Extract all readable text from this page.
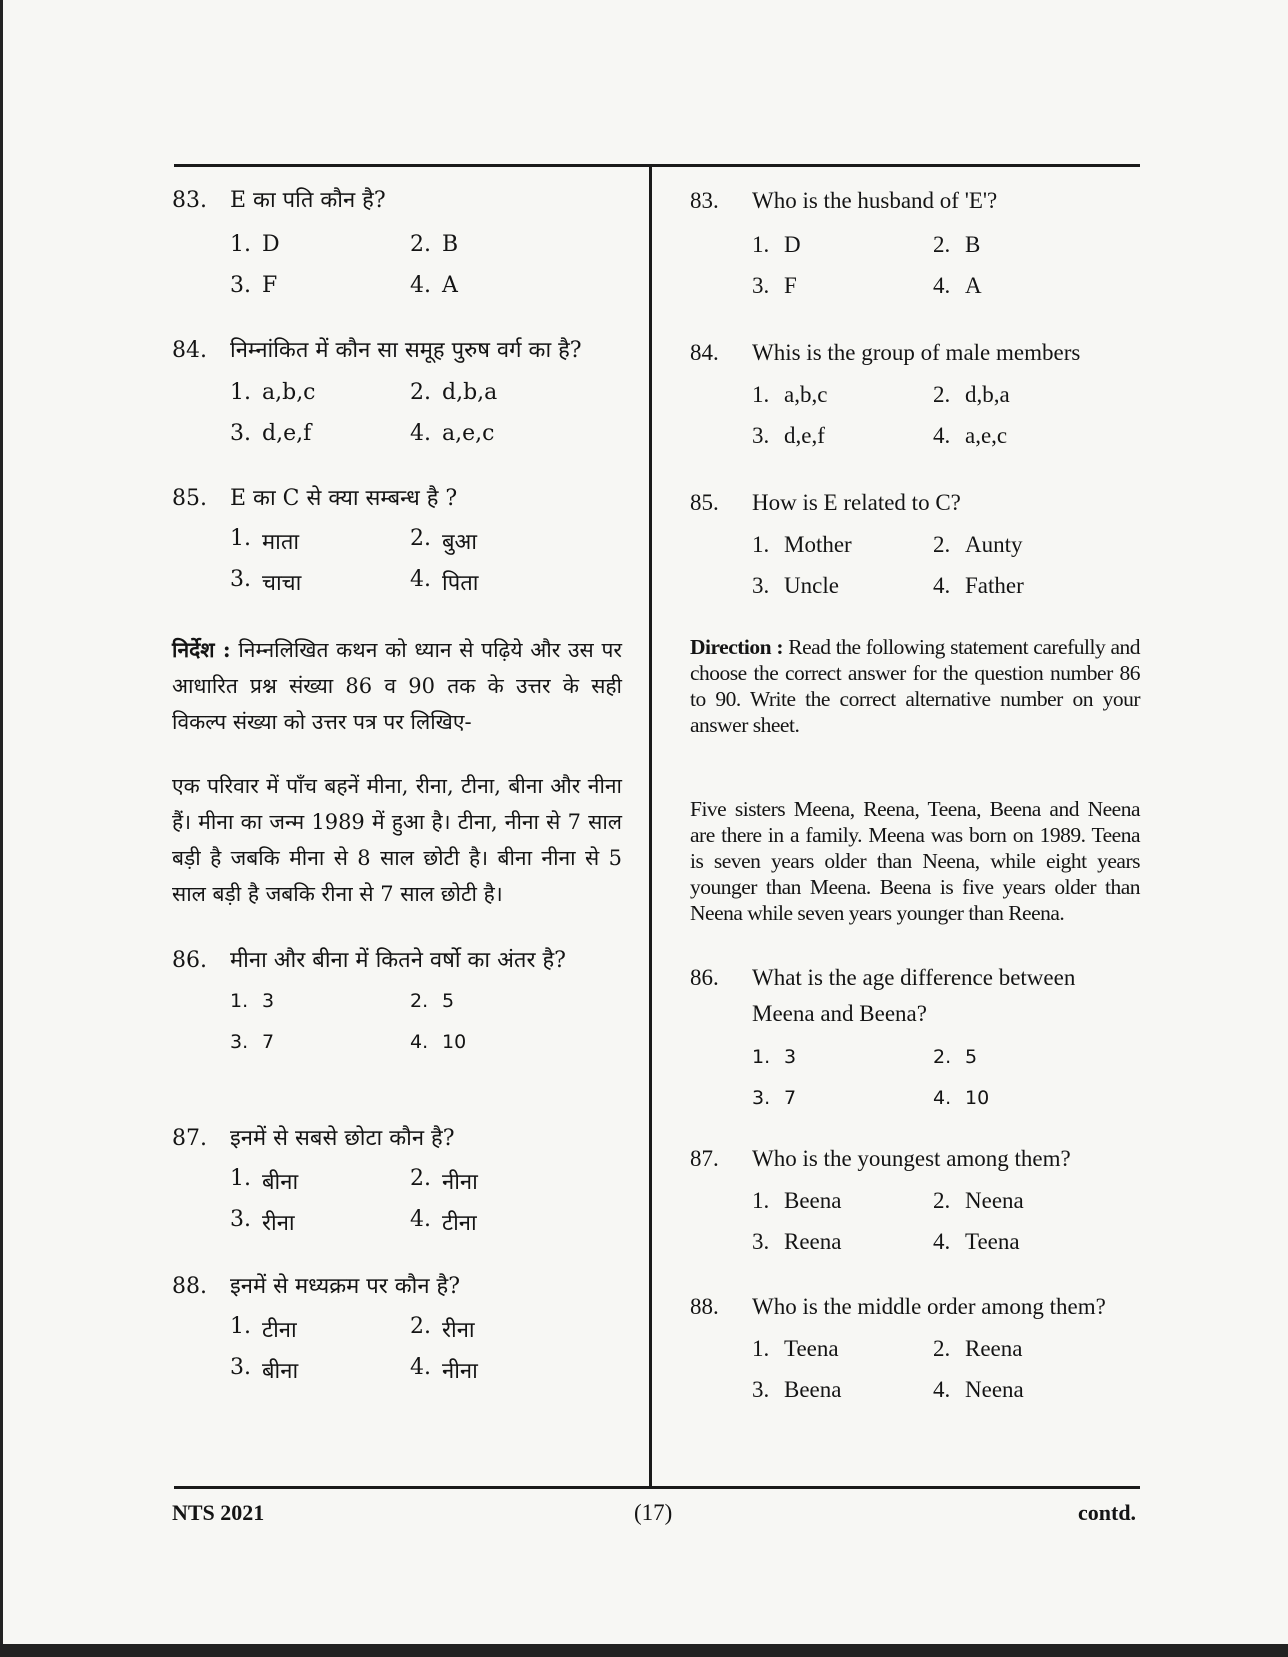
83.	E का पति कौन है?
1. D	2. B
3. F	4. A
84.	निम्नांकित में कौन सा समूह पुरुष वर्ग का है?
1. a,b,c	2. d,b,a
3. d,e,f	4. a,e,c
85.	E का C से क्या सम्बन्ध है ?
1. माता	2. बुआ
3. चाचा	4. पिता
निर्देश : निम्नलिखित कथन को ध्यान से पढ़िये और उस पर आधारित प्रश्न संख्या 86 व 90 तक के उत्तर के सही विकल्प संख्या को उत्तर पत्र पर लिखिए-
एक परिवार में पाँच बहनें मीना, रीना, टीना, बीना और नीना हैं। मीना का जन्म 1989 में हुआ है। टीना, नीना से 7 साल बड़ी है जबकि मीना से 8 साल छोटी है। बीना नीना से 5 साल बड़ी है जबकि रीना से 7 साल छोटी है।
86.	मीना और बीना में कितने वर्षो का अंतर है?
1. 3	2. 5
3. 7	4. 10
87.	इनमें से सबसे छोटा कौन है?
1. बीना	2. नीना
3. रीना	4. टीना
88.	इनमें से मध्यक्रम पर कौन है?
1. टीना	2. रीना
3. बीना	4. नीना
83.	Who is the husband of 'E'?
1. D	2. B
3. F	4. A
84.	Whis is the group of male members
1. a,b,c	2. d,b,a
3. d,e,f	4. a,e,c
85.	How is E related to C?
1. Mother	2. Aunty
3. Uncle	4. Father
Direction : Read the following statement carefully and choose the correct answer for the question number 86 to 90. Write the correct alternative number on your answer sheet.
Five sisters Meena, Reena, Teena, Beena and Neena are there in a family. Meena was born on 1989. Teena is seven years older than Neena, while eight years younger than Meena. Beena is five years older than Neena while seven years younger than Reena.
86.	What is the age difference between Meena and Beena?
1. 3	2. 5
3. 7	4. 10
87.	Who is the youngest among them?
1. Beena	2. Neena
3. Reena	4. Teena
88.	Who is the middle order among them?
1. Teena	2. Reena
3. Beena	4. Neena
NTS 2021	(17)	contd.
